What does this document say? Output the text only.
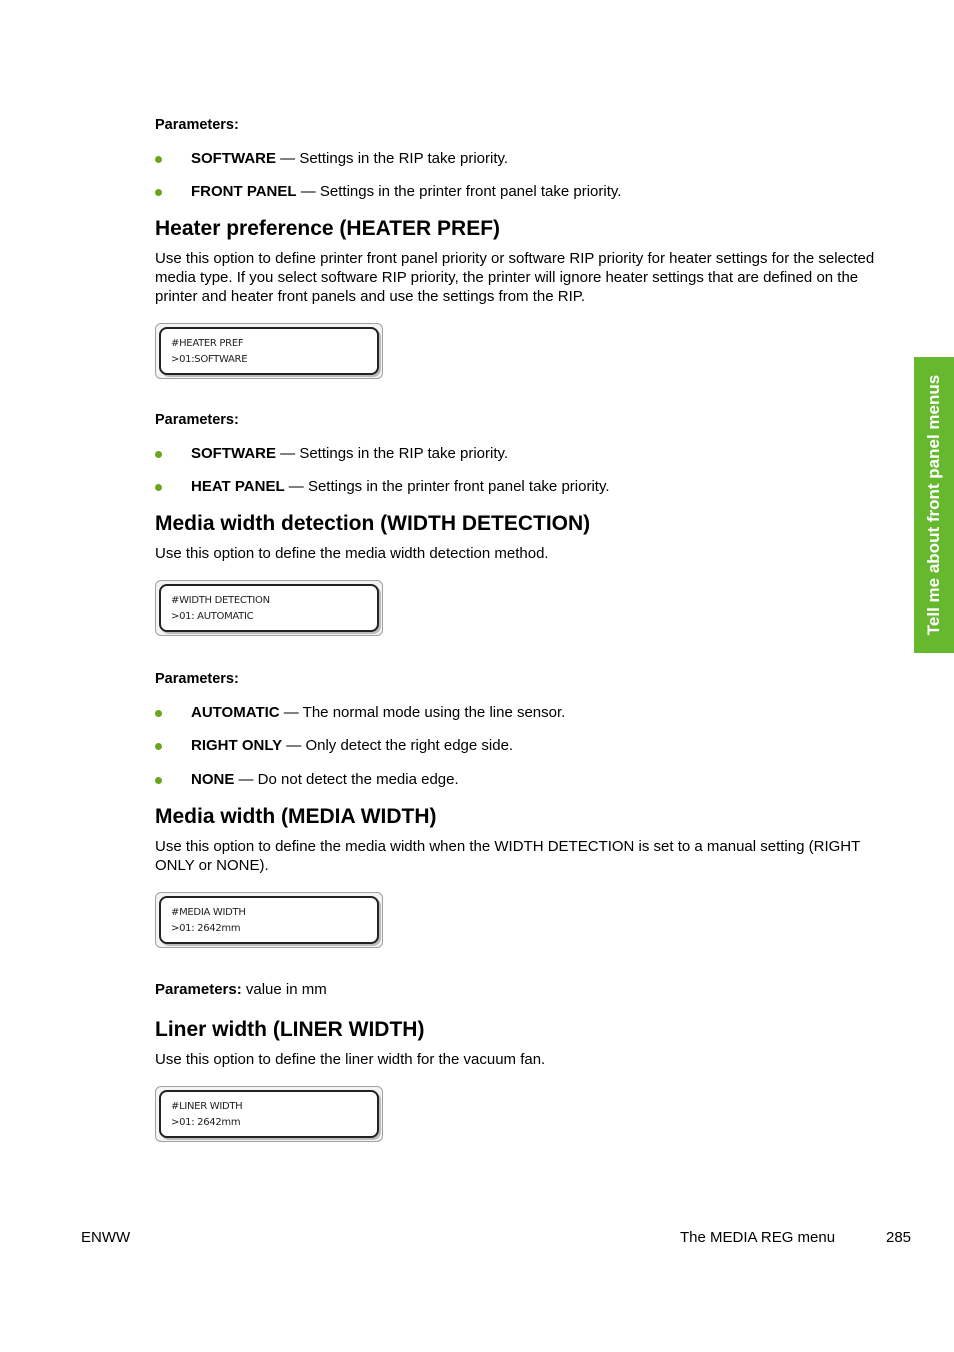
Parameters:

SOFTWARE — Settings in the RIP take priority.
FRONT PANEL — Settings in the printer front panel take priority.
Heater preference (HEATER PREF)

Use this option to define printer front panel priority or software RIP priority for heater settings for the selected media type. If you select software RIP priority, the printer will ignore heater settings that are defined on the printer and heater front panels and use the settings from the RIP.

#HEATER PREF
>01:SOFTWARE

Parameters:

SOFTWARE — Settings in the RIP take priority.
HEAT PANEL — Settings in the printer front panel take priority.
Media width detection (WIDTH DETECTION)

Use this option to define the media width detection method.

#WIDTH DETECTION
>01: AUTOMATIC

Parameters:

AUTOMATIC — The normal mode using the line sensor.
RIGHT ONLY — Only detect the right edge side.
NONE — Do not detect the media edge.
Media width (MEDIA WIDTH)

Use this option to define the media width when the WIDTH DETECTION is set to a manual setting (RIGHT ONLY or NONE).

#MEDIA WIDTH
>01: 2642mm

Parameters: value in mm

Liner width (LINER WIDTH)

Use this option to define the liner width for the vacuum fan.

#LINER WIDTH
>01: 2642mm
Tell me about front panel menus
ENWW	The MEDIA REG menu	285
